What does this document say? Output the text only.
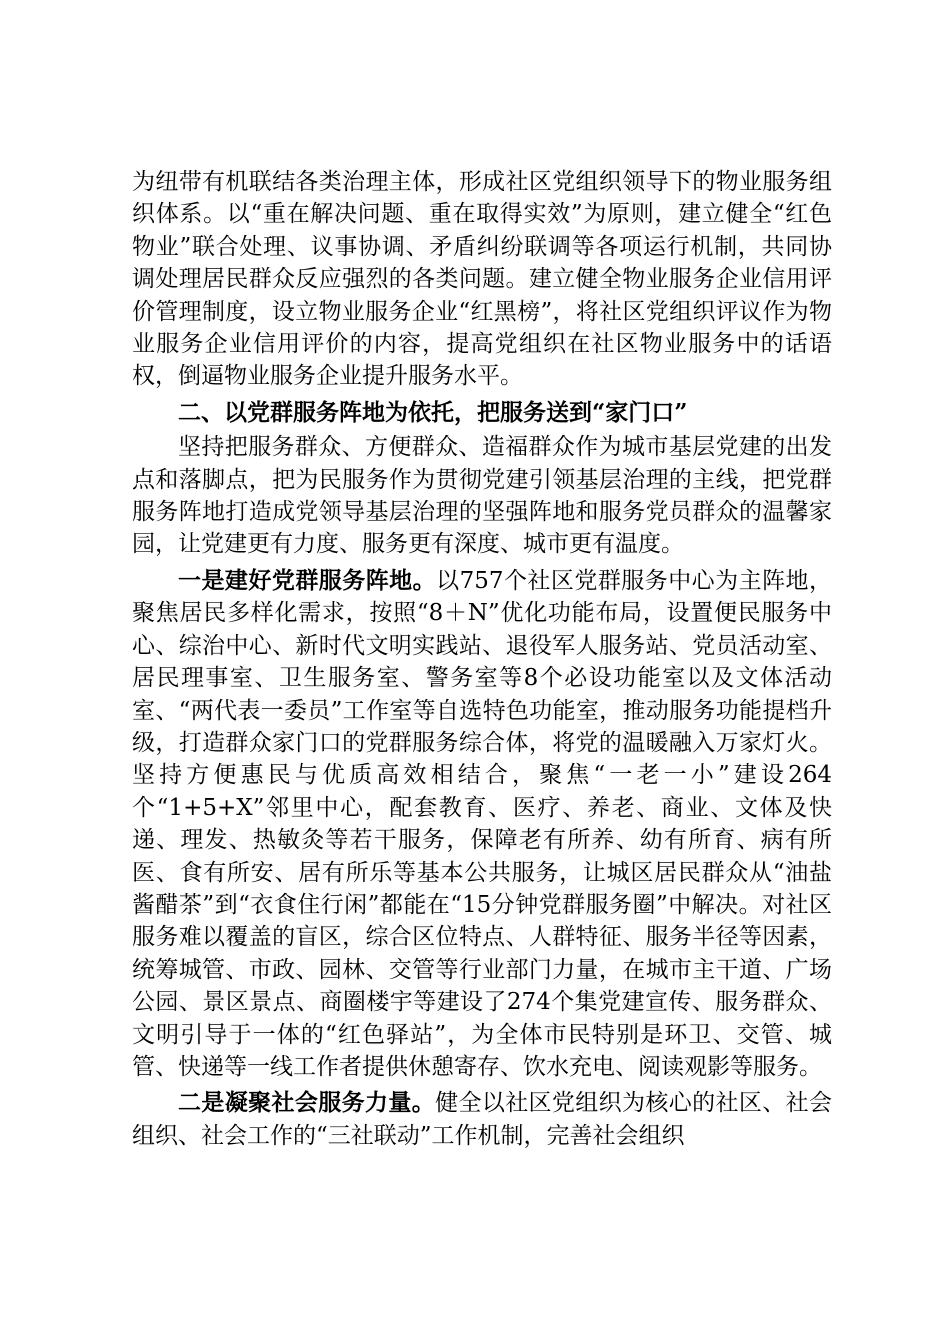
为纽带有机联结各类治理主体，形成社区党组织领导下的物业服务组织体系。以“重在解决问题、重在取得实效”为原则，建立健全“红色物业”联合处理、议事协调、矛盾纠纷联调等各项运行机制，共同协调处理居民群众反应强烈的各类问题。建立健全物业服务企业信用评价管理制度，设立物业服务企业“红黑榜”，将社区党组织评议作为物业服务企业信用评价的内容，提高党组织在社区物业服务中的话语权，倒逼物业服务企业提升服务水平。

二、以党群服务阵地为依托，把服务送到“家门口”

坚持把服务群众、方便群众、造福群众作为城市基层党建的出发点和落脚点，把为民服务作为贯彻党建引领基层治理的主线，把党群服务阵地打造成党领导基层治理的坚强阵地和服务党员群众的温馨家园，让党建更有力度、服务更有深度、城市更有温度。

一是建好党群服务阵地。以757个社区党群服务中心为主阵地，聚焦居民多样化需求，按照“8＋N”优化功能布局，设置便民服务中心、综治中心、新时代文明实践站、退役军人服务站、党员活动室、居民理事室、卫生服务室、警务室等8个必设功能室以及文体活动室、“两代表一委员”工作室等自选特色功能室，推动服务功能提档升级，打造群众家门口的党群服务综合体，将党的温暖融入万家灯火。坚持方便惠民与优质高效相结合，聚焦“一老一小”建设264个“1+5+X”邻里中心，配套教育、医疗、养老、商业、文体及快递、理发、热敏灸等若干服务，保障老有所养、幼有所育、病有所医、食有所安、居有所乐等基本公共服务，让城区居民群众从“油盐酱醋茶”到“衣食住行闲”都能在“15分钟党群服务圈”中解决。对社区服务难以覆盖的盲区，综合区位特点、人群特征、服务半径等因素，统筹城管、市政、园林、交管等行业部门力量，在城市主干道、广场公园、景区景点、商圈楼宇等建设了274个集党建宣传、服务群众、文明引导于一体的“红色驿站”，为全体市民特别是环卫、交管、城管、快递等一线工作者提供休憩寄存、饮水充电、阅读观影等服务。

二是凝聚社会服务力量。健全以社区党组织为核心的社区、社会组织、社会工作的“三社联动”工作机制，完善社会组织
